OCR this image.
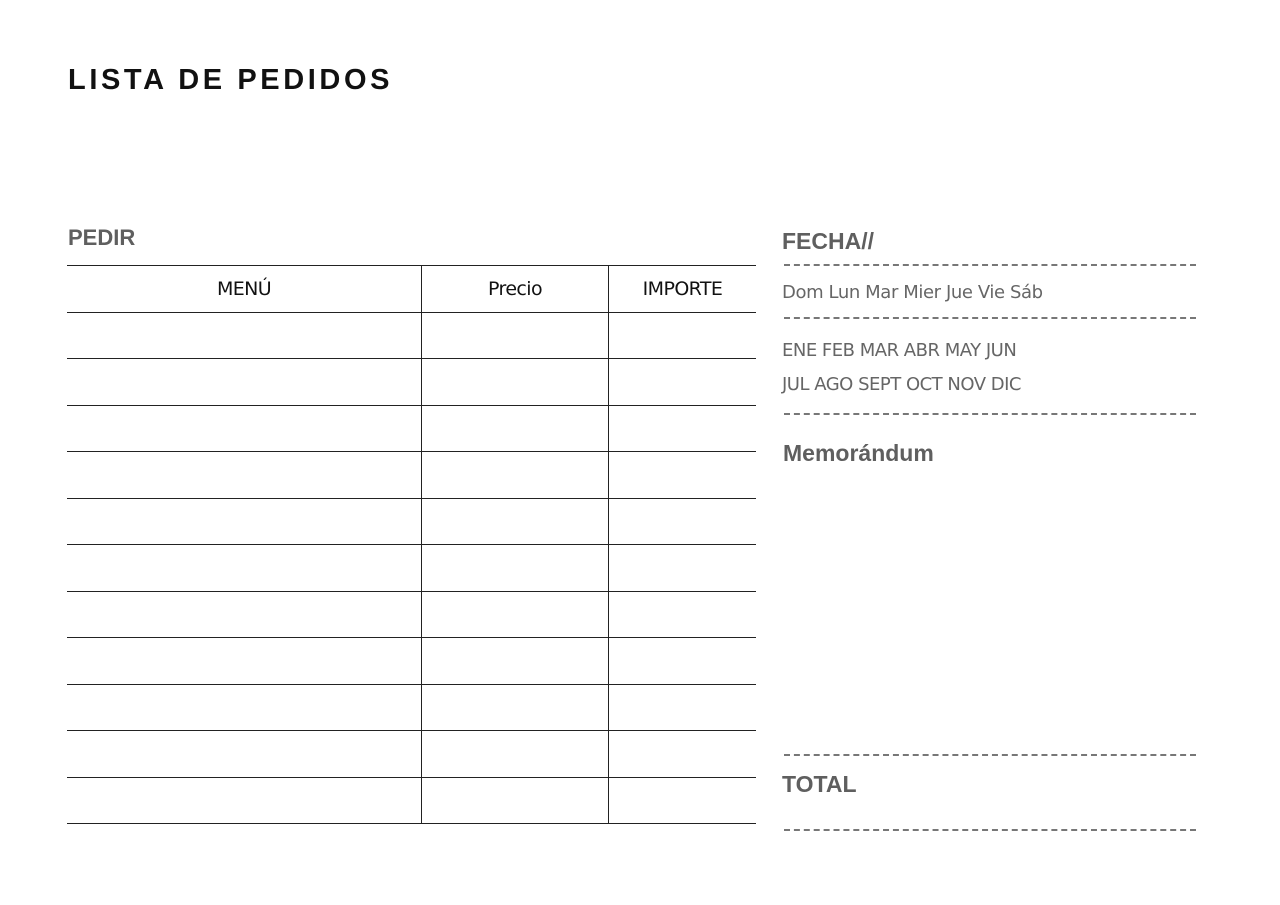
LISTA DE PEDIDOS
PEDIR
MENÚ	Precio	IMPORTE

FECHA//
Dom Lun Mar Mier Jue Vie Sáb
ENE FEB MAR ABR MAY JUN
JUL AGO SEPT OCT NOV DIC
Memorándum
TOTAL
